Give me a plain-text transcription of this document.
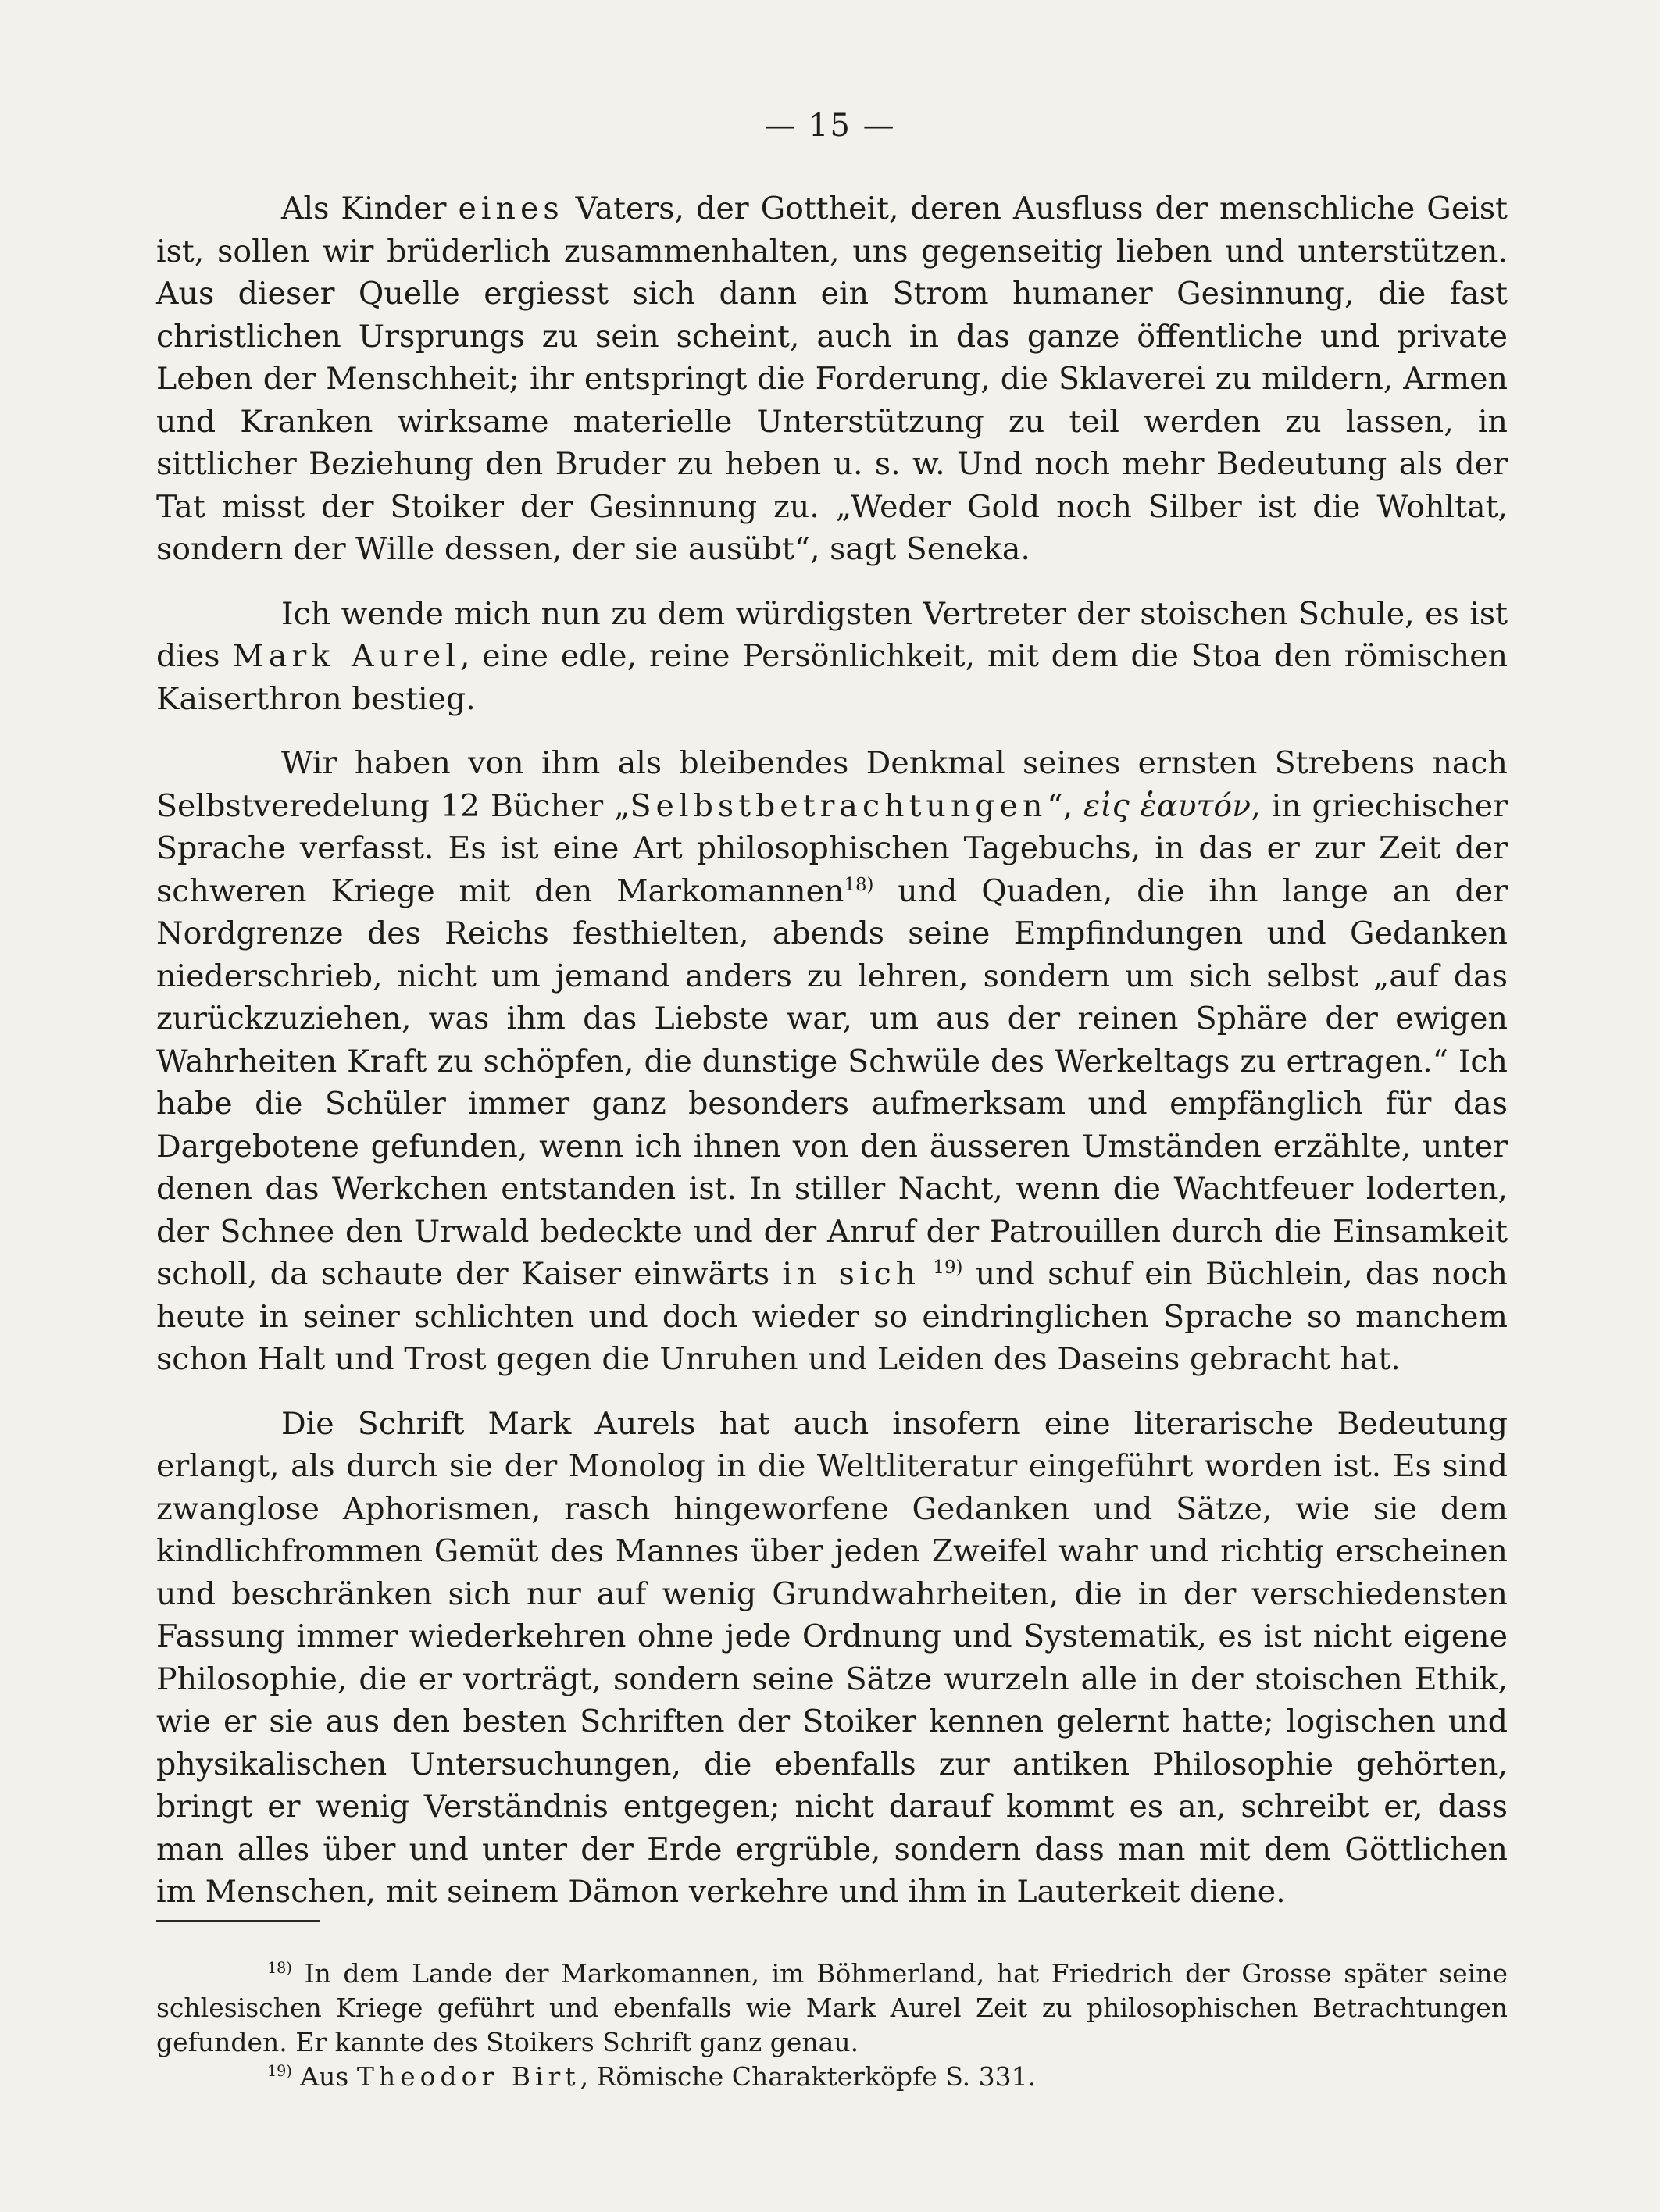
— 15 —

Als Kinder eines Vaters, der Gottheit, deren Ausfluss der menschliche Geist ist, sollen wir brüderlich zusammenhalten, uns gegenseitig lieben und unterstützen. Aus dieser Quelle ergiesst sich dann ein Strom humaner Gesinnung, die fast christlichen Ursprungs zu sein scheint, auch in das ganze öffentliche und private Leben der Menschheit; ihr entspringt die Forderung, die Sklaverei zu mildern, Armen und Kranken wirksame materielle Unterstützung zu teil werden zu lassen, in sittlicher Beziehung den Bruder zu heben u. s. w. Und noch mehr Bedeutung als der Tat misst der Stoiker der Gesinnung zu. „Weder Gold noch Silber ist die Wohltat, sondern der Wille dessen, der sie ausübt“, sagt Seneka.

Ich wende mich nun zu dem würdigsten Vertreter der stoischen Schule, es ist dies Mark Aurel, eine edle, reine Persönlichkeit, mit dem die Stoa den römischen Kaiserthron bestieg.

Wir haben von ihm als bleibendes Denkmal seines ernsten Strebens nach Selbstveredelung 12 Bücher „Selbstbetrachtungen“, εἰς ἑαυτόν, in griechischer Sprache verfasst. Es ist eine Art philosophischen Tagebuchs, in das er zur Zeit der schweren Kriege mit den Markomannen$^{18)}$ und Quaden, die ihn lange an der Nordgrenze des Reichs festhielten, abends seine Empfindungen und Gedanken niederschrieb, nicht um jemand anders zu lehren, sondern um sich selbst „auf das zurückzuziehen, was ihm das Liebste war, um aus der reinen Sphäre der ewigen Wahrheiten Kraft zu schöpfen, die dunstige Schwüle des Werkeltags zu ertragen.“ Ich habe die Schüler immer ganz besonders aufmerksam und empfänglich für das Dargebotene gefunden, wenn ich ihnen von den äusseren Umständen erzählte, unter denen das Werkchen entstanden ist. In stiller Nacht, wenn die Wachtfeuer loderten, der Schnee den Urwald bedeckte und der Anruf der Patrouillen durch die Einsamkeit scholl, da schaute der Kaiser einwärts in sich $^{19)}$ und schuf ein Büchlein, das noch heute in seiner schlichten und doch wieder so eindringlichen Sprache so manchem schon Halt und Trost gegen die Unruhen und Leiden des Daseins gebracht hat.

Die Schrift Mark Aurels hat auch insofern eine literarische Bedeutung erlangt, als durch sie der Monolog in die Weltliteratur eingeführt worden ist. Es sind zwanglose Aphorismen, rasch hingeworfene Gedanken und Sätze, wie sie dem kindlichfrommen Gemüt des Mannes über jeden Zweifel wahr und richtig erscheinen und beschränken sich nur auf wenig Grundwahrheiten, die in der verschiedensten Fassung immer wiederkehren ohne jede Ordnung und Systematik, es ist nicht eigene Philosophie, die er vorträgt, sondern seine Sätze wurzeln alle in der stoischen Ethik, wie er sie aus den besten Schriften der Stoiker kennen gelernt hatte; logischen und physikalischen Untersuchungen, die ebenfalls zur antiken Philosophie gehörten, bringt er wenig Verständnis entgegen; nicht darauf kommt es an, schreibt er, dass man alles über und unter der Erde ergrüble, sondern dass man mit dem Göttlichen im Menschen, mit seinem Dämon verkehre und ihm in Lauterkeit diene.

$^{18)}$ In dem Lande der Markomannen, im Böhmerland, hat Friedrich der Grosse später seine schlesischen Kriege geführt und ebenfalls wie Mark Aurel Zeit zu philosophischen Betrachtungen gefunden. Er kannte des Stoikers Schrift ganz genau.

$^{19)}$ Aus Theodor Birt, Römische Charakterköpfe S. 331.
